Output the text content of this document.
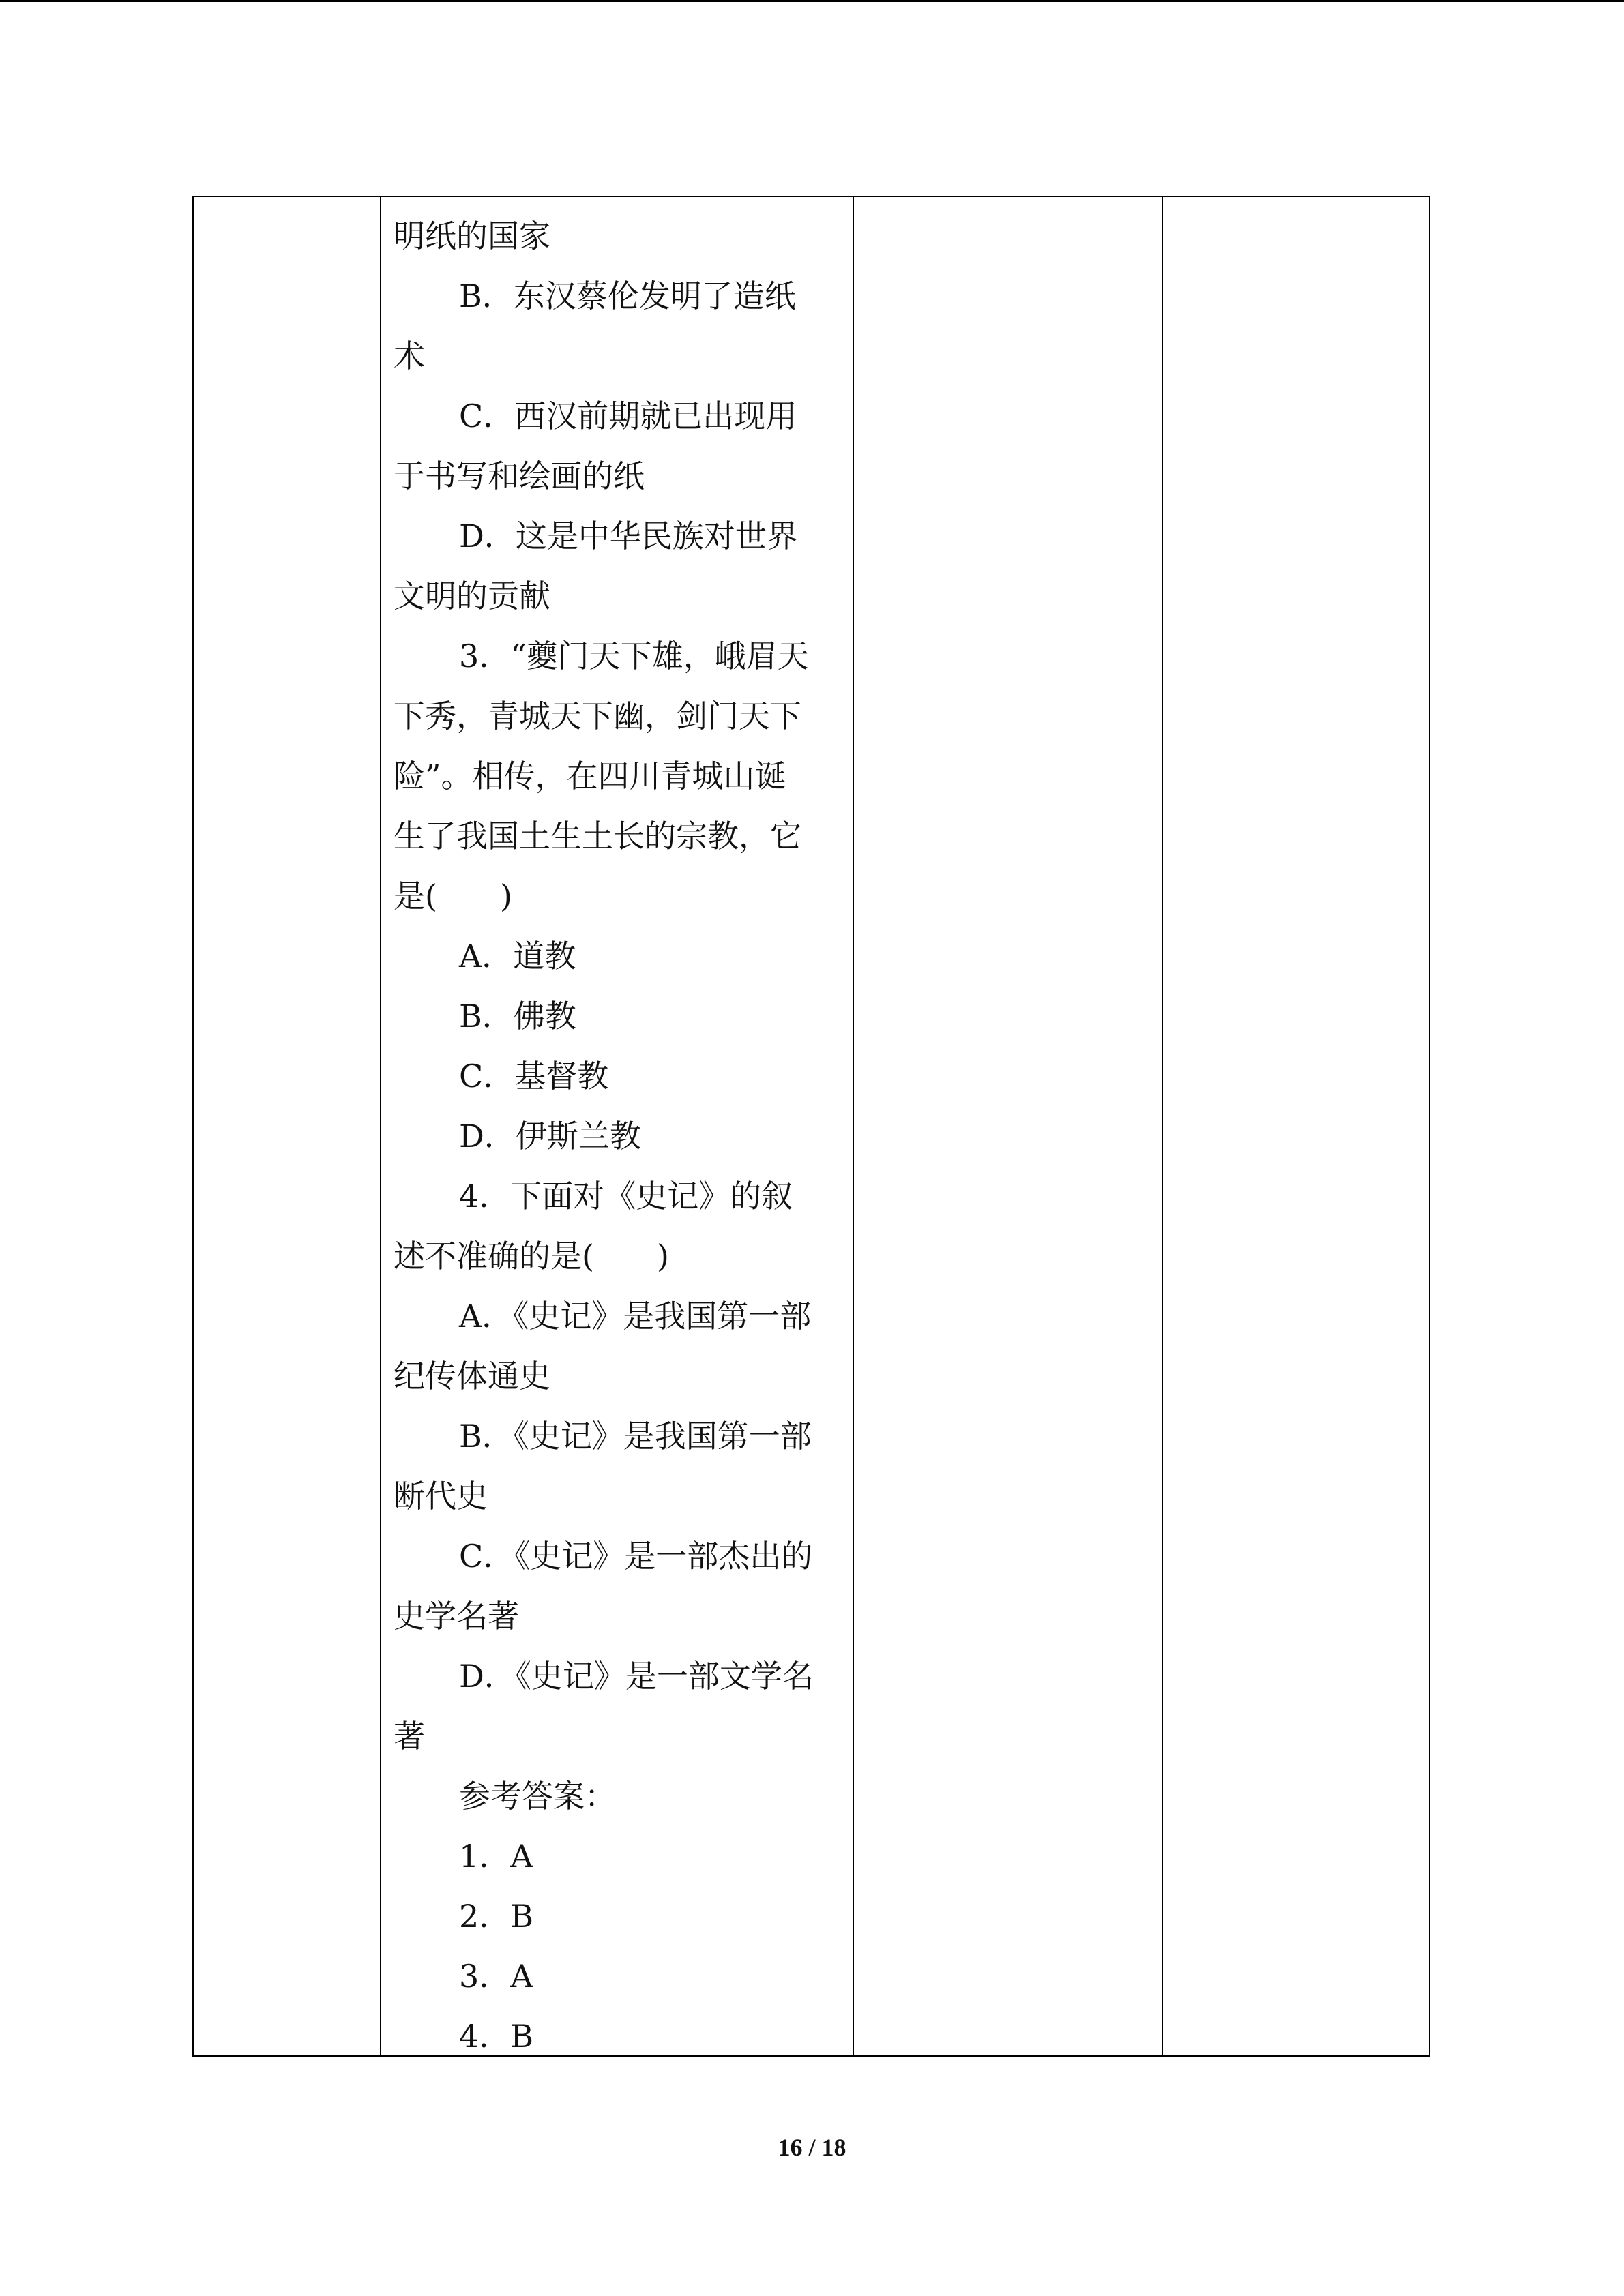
明纸的国家
B．东汉蔡伦发明了造纸
术
C．西汉前期就已出现用
于书写和绘画的纸
D．这是中华民族对世界
文明的贡献
3．“夔门天下雄，峨眉天
下秀，青城天下幽，剑门天下
险”。相传，在四川青城山诞
生了我国土生土长的宗教，它
是(　　)
A．道教
B．佛教
C．基督教
D．伊斯兰教
4．下面对《史记》的叙
述不准确的是(　　)
A．《史记》是我国第一部
纪传体通史
B．《史记》是我国第一部
断代史
C．《史记》是一部杰出的
史学名著
D．《史记》是一部文学名
著
参考答案：
1．A
2．B
3．A
4．B
16 / 18
